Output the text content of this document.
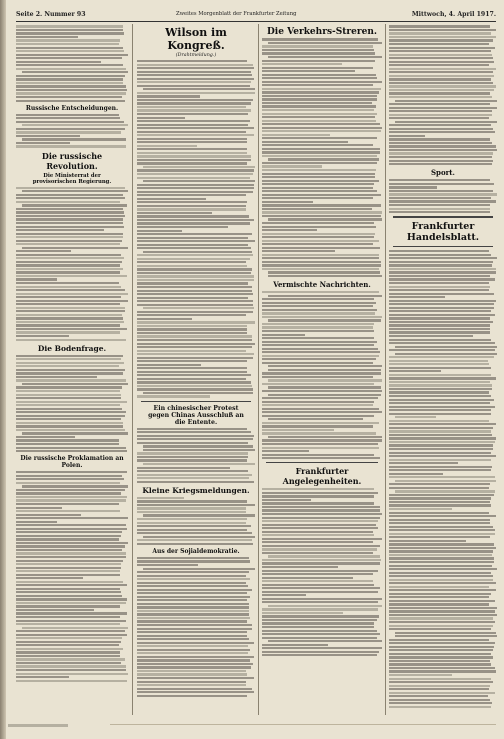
Seite 2. Nummer 93	Zweites Morgenblatt der Frankfurter Zeitung	Mittwoch, 4. April 1917.
Russische Entscheidungen.
Die russische Revolution.
Die Ministerrat der provisorischen Regierung.
Die Bodenfrage.
Die russische Proklamation an Polen.
Wilson im Kongreß.
(Drahtmeldung.)
Ein chinesischer Protest gegen Chinas Ausschluß an die Entente.
Kleine Kriegsmeldungen.
Aus der Sojialdemokratie.
Die Verkehrs-Streren.
Vermischte Nachrichten.
Frankfurter Angelegenheiten.
Sport.
Frankfurter Handelsblatt.
